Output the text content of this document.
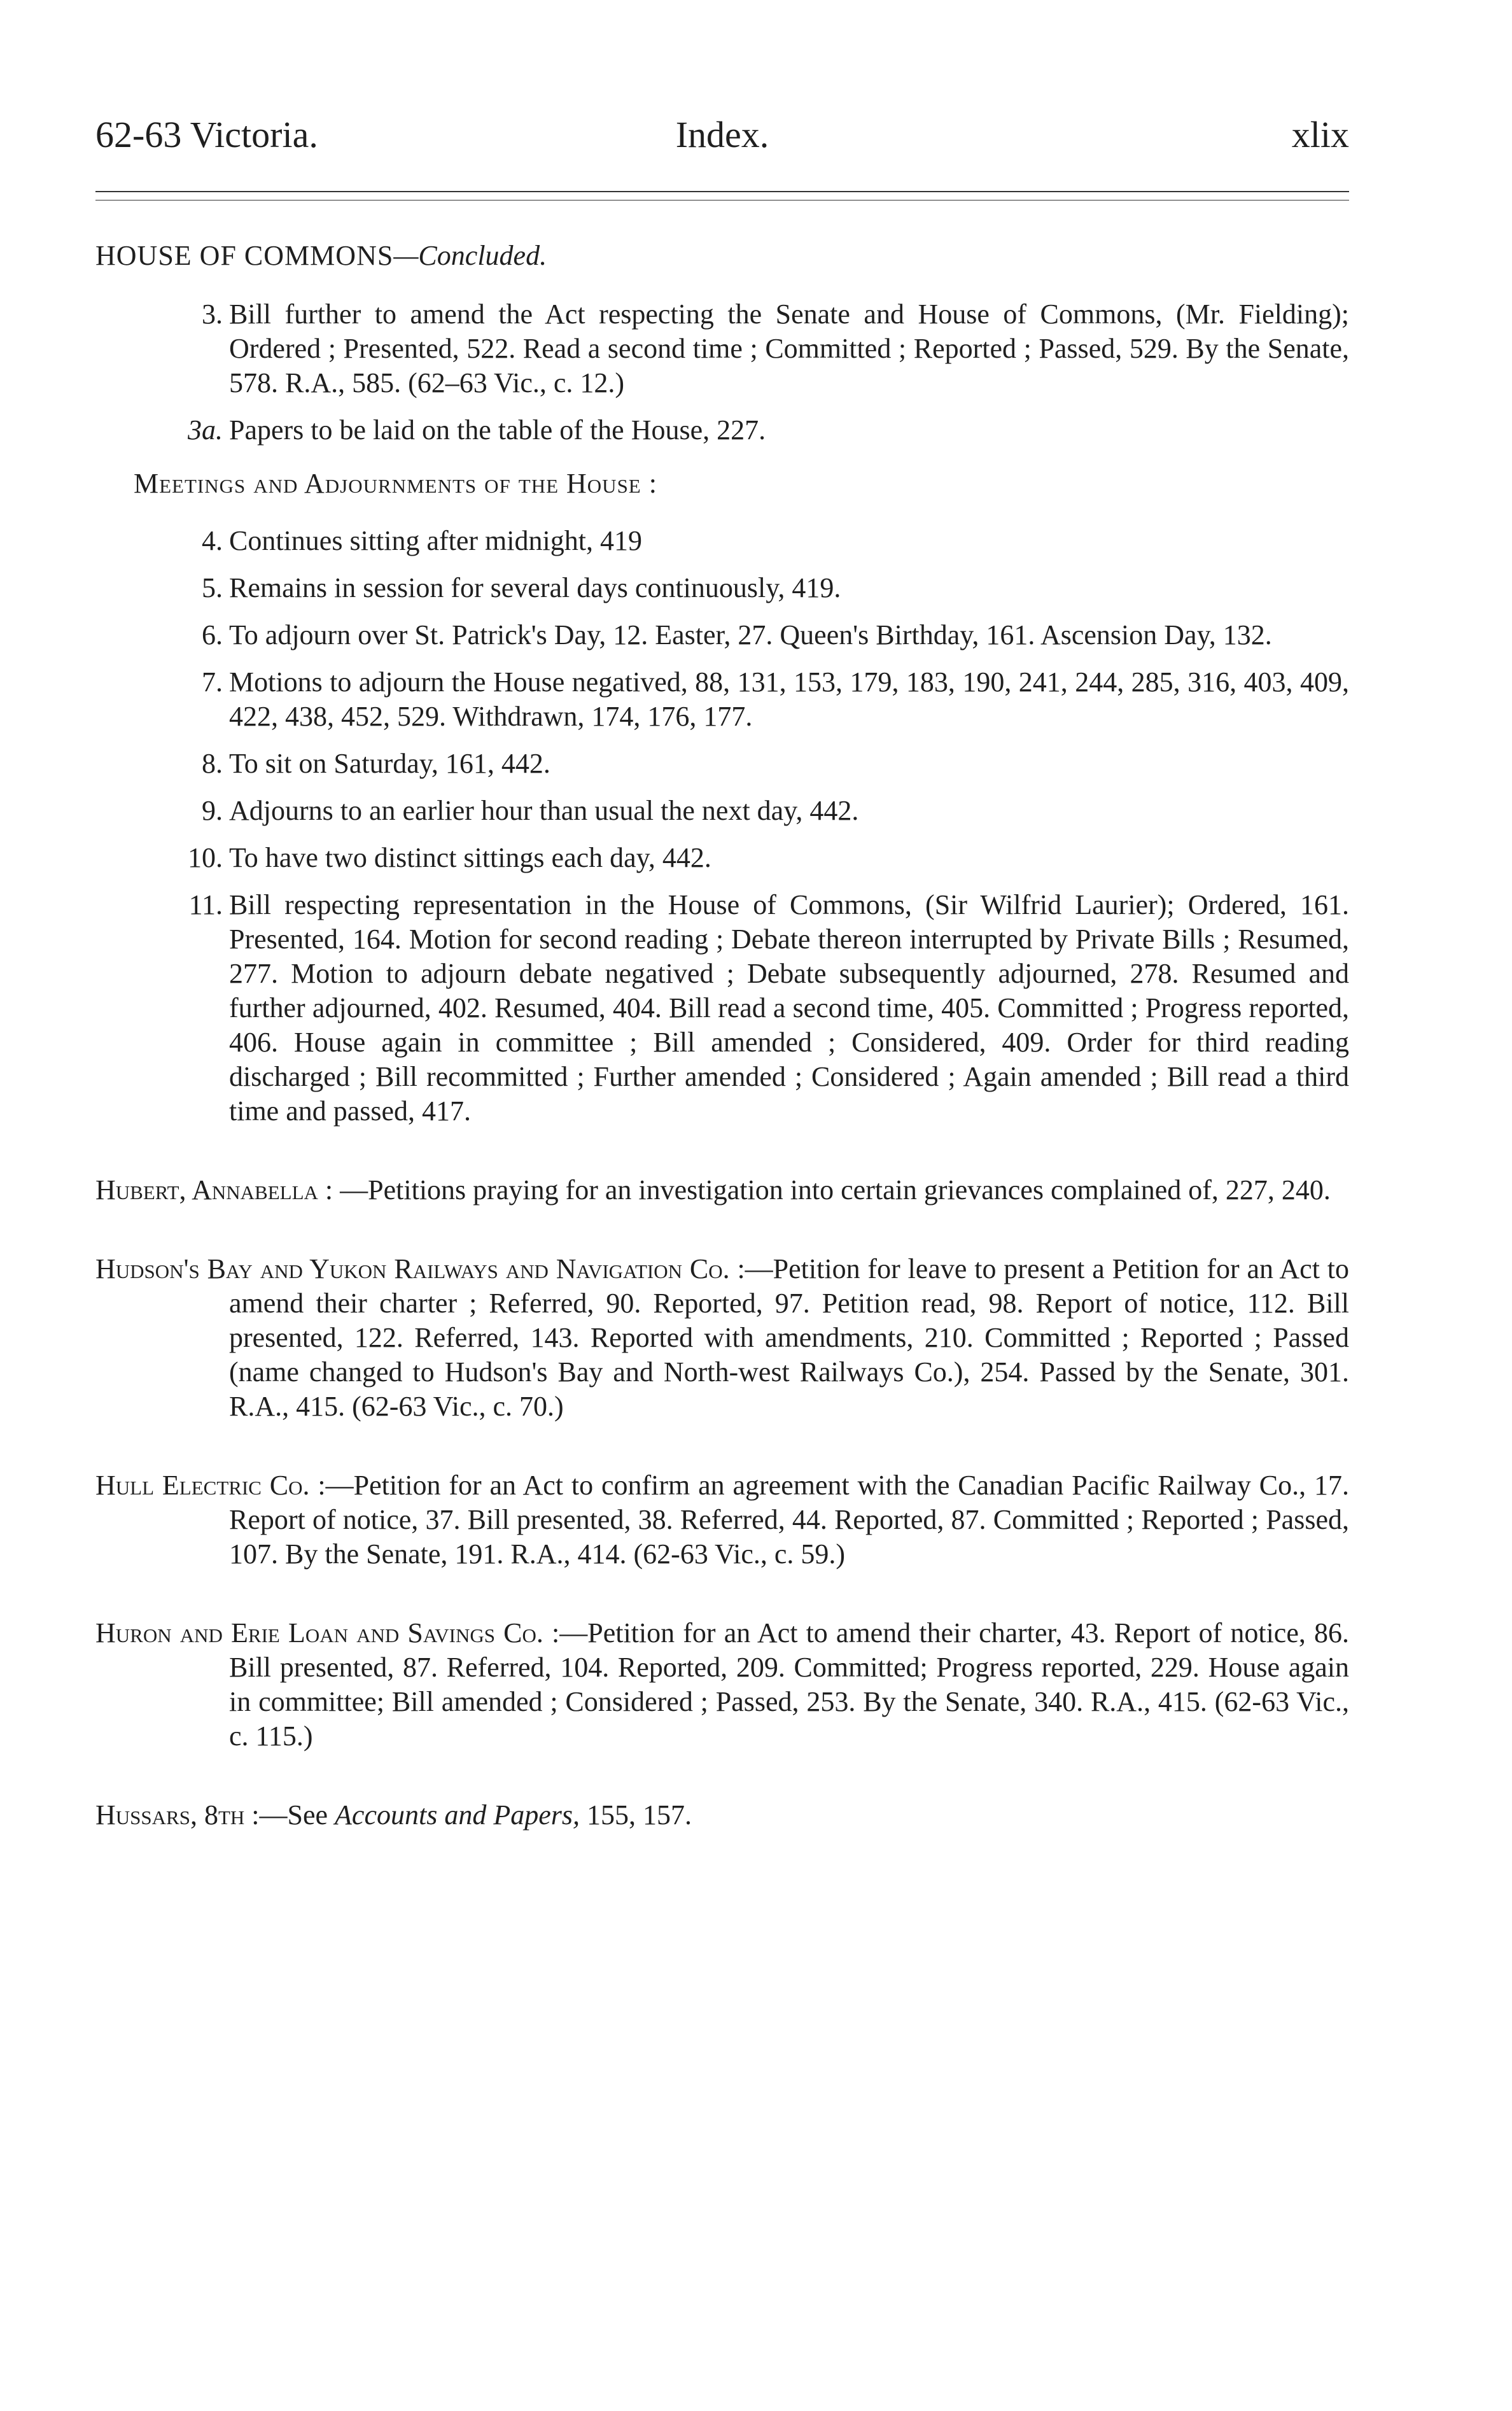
62-63 Victoria.	Index.	xlix

HOUSE OF COMMONS—Concluded.

3. Bill further to amend the Act respecting the Senate and House of Commons, (Mr. Fielding); Ordered ; Presented, 522. Read a second time ; Committed ; Reported ; Passed, 529. By the Senate, 578. R.A., 585. (62–63 Vic., c. 12.)

3a. Papers to be laid on the table of the House, 227.

Meetings and Adjournments of the House :

4. Continues sitting after midnight, 419

5. Remains in session for several days continuously, 419.

6. To adjourn over St. Patrick's Day, 12. Easter, 27. Queen's Birthday, 161. Ascension Day, 132.

7. Motions to adjourn the House negatived, 88, 131, 153, 179, 183, 190, 241, 244, 285, 316, 403, 409, 422, 438, 452, 529. Withdrawn, 174, 176, 177.

8. To sit on Saturday, 161, 442.

9. Adjourns to an earlier hour than usual the next day, 442.

10. To have two distinct sittings each day, 442.

11. Bill respecting representation in the House of Commons, (Sir Wilfrid Laurier); Ordered, 161. Presented, 164. Motion for second reading ; Debate thereon interrupted by Private Bills ; Resumed, 277. Motion to adjourn debate negatived ; Debate subsequently adjourned, 278. Resumed and further adjourned, 402. Resumed, 404. Bill read a second time, 405. Committed ; Progress reported, 406. House again in committee ; Bill amended ; Considered, 409. Order for third reading discharged ; Bill recommitted ; Further amended ; Considered ; Again amended ; Bill read a third time and passed, 417.

Hubert, Annabella : —Petitions praying for an investigation into certain grievances complained of, 227, 240.

Hudson's Bay and Yukon Railways and Navigation Co. :—Petition for leave to present a Petition for an Act to amend their charter ; Referred, 90. Reported, 97. Petition read, 98. Report of notice, 112. Bill presented, 122. Referred, 143. Reported with amendments, 210. Committed ; Reported ; Passed (name changed to Hudson's Bay and North-west Railways Co.), 254. Passed by the Senate, 301. R.A., 415. (62-63 Vic., c. 70.)

Hull Electric Co. :—Petition for an Act to confirm an agreement with the Canadian Pacific Railway Co., 17. Report of notice, 37. Bill presented, 38. Referred, 44. Reported, 87. Committed ; Reported ; Passed, 107. By the Senate, 191. R.A., 414. (62-63 Vic., c. 59.)

Huron and Erie Loan and Savings Co. :—Petition for an Act to amend their charter, 43. Report of notice, 86. Bill presented, 87. Referred, 104. Reported, 209. Committed; Progress reported, 229. House again in committee; Bill amended ; Considered ; Passed, 253. By the Senate, 340. R.A., 415. (62-63 Vic., c. 115.)

Hussars, 8th :—See Accounts and Papers, 155, 157.
